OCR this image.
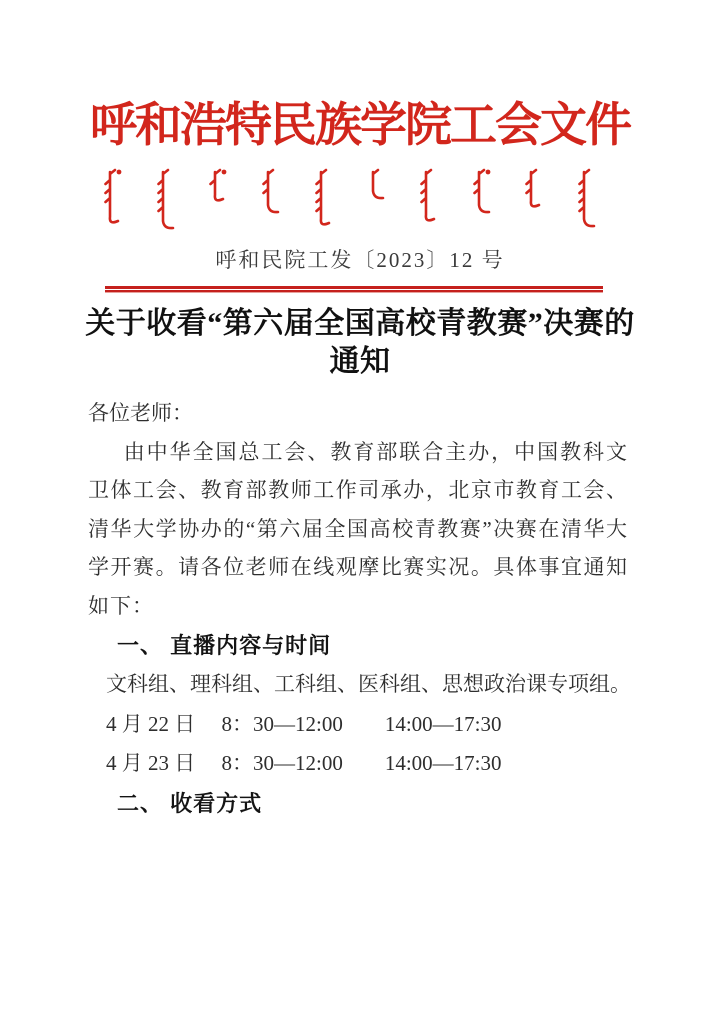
呼和浩特民族学院工会文件
呼和民院工发〔2023〕12 号
关于收看“第六届全国高校青教赛”决赛的
通知

各位老师：

由中华全国总工会、教育部联合主办，中国教科文卫体工会、教育部教师工作司承办，北京市教育工会、清华大学协办的“第六届全国高校青教赛”决赛在清华大学开赛。请各位老师在线观摩比赛实况。具体事宜通知如下：

一、 直播内容与时间

文科组、理科组、工科组、医科组、思想政治课专项组。

4 月 22 日　 8：30—12:00　　14:00—17:30

4 月 23 日　 8：30—12:00　　14:00—17:30

二、 收看方式
